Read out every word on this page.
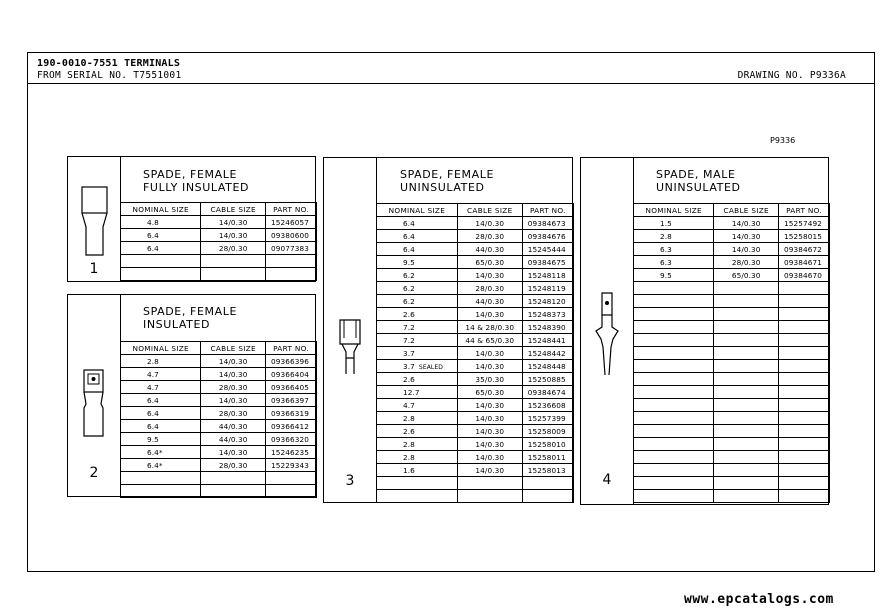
190-0010-7551 TERMINALS
FROM SERIAL NO. T7551001	DRAWING NO. P9336A
P9336
1
SPADE, FEMALE
FULLY INSULATED
NOMINAL SIZE	CABLE SIZE	PART NO.
4.8	14/0.30	15246057
6.4	14/0.30	09380600
6.4	28/0.30	09077383

2
SPADE, FEMALE
INSULATED
NOMINAL SIZE	CABLE SIZE	PART NO.
2.8	14/0.30	09366396
4.7	14/0.30	09366404
4.7	28/0.30	09366405
6.4	14/0.30	09366397
6.4	28/0.30	09366319
6.4	44/0.30	09366412
9.5	44/0.30	09366320
6.4*	14/0.30	15246235
6.4*	28/0.30	15229343

3
SPADE, FEMALE
UNINSULATED
NOMINAL SIZE	CABLE SIZE	PART NO.
6.4	14/0.30	09384673
6.4	28/0.30	09384676
6.4	44/0.30	15245444
9.5	65/0.30	09384675
6.2	14/0.30	15248118
6.2	28/0.30	15248119
6.2	44/0.30	15248120
2.6	14/0.30	15248373
7.2	14 & 28/0.30	15248390
7.2	44 & 65/0.30	15248441
3.7	14/0.30	15248442
3.7 SEALED	14/0.30	15248448
2.6	35/0.30	15250885
12.7	65/0.30	09384674
4.7	14/0.30	15236608
2.8	14/0.30	15257399
2.6	14/0.30	15258009
2.8	14/0.30	15258010
2.8	14/0.30	15258011
1.6	14/0.30	15258013

4
SPADE, MALE
UNINSULATED
NOMINAL SIZE	CABLE SIZE	PART NO.
1.5	14/0.30	15257492
2.8	14/0.30	15258015
6.3	14/0.30	09384672
6.3	28/0.30	09384671
9.5	65/0.30	09384670

www.epcatalogs.com
